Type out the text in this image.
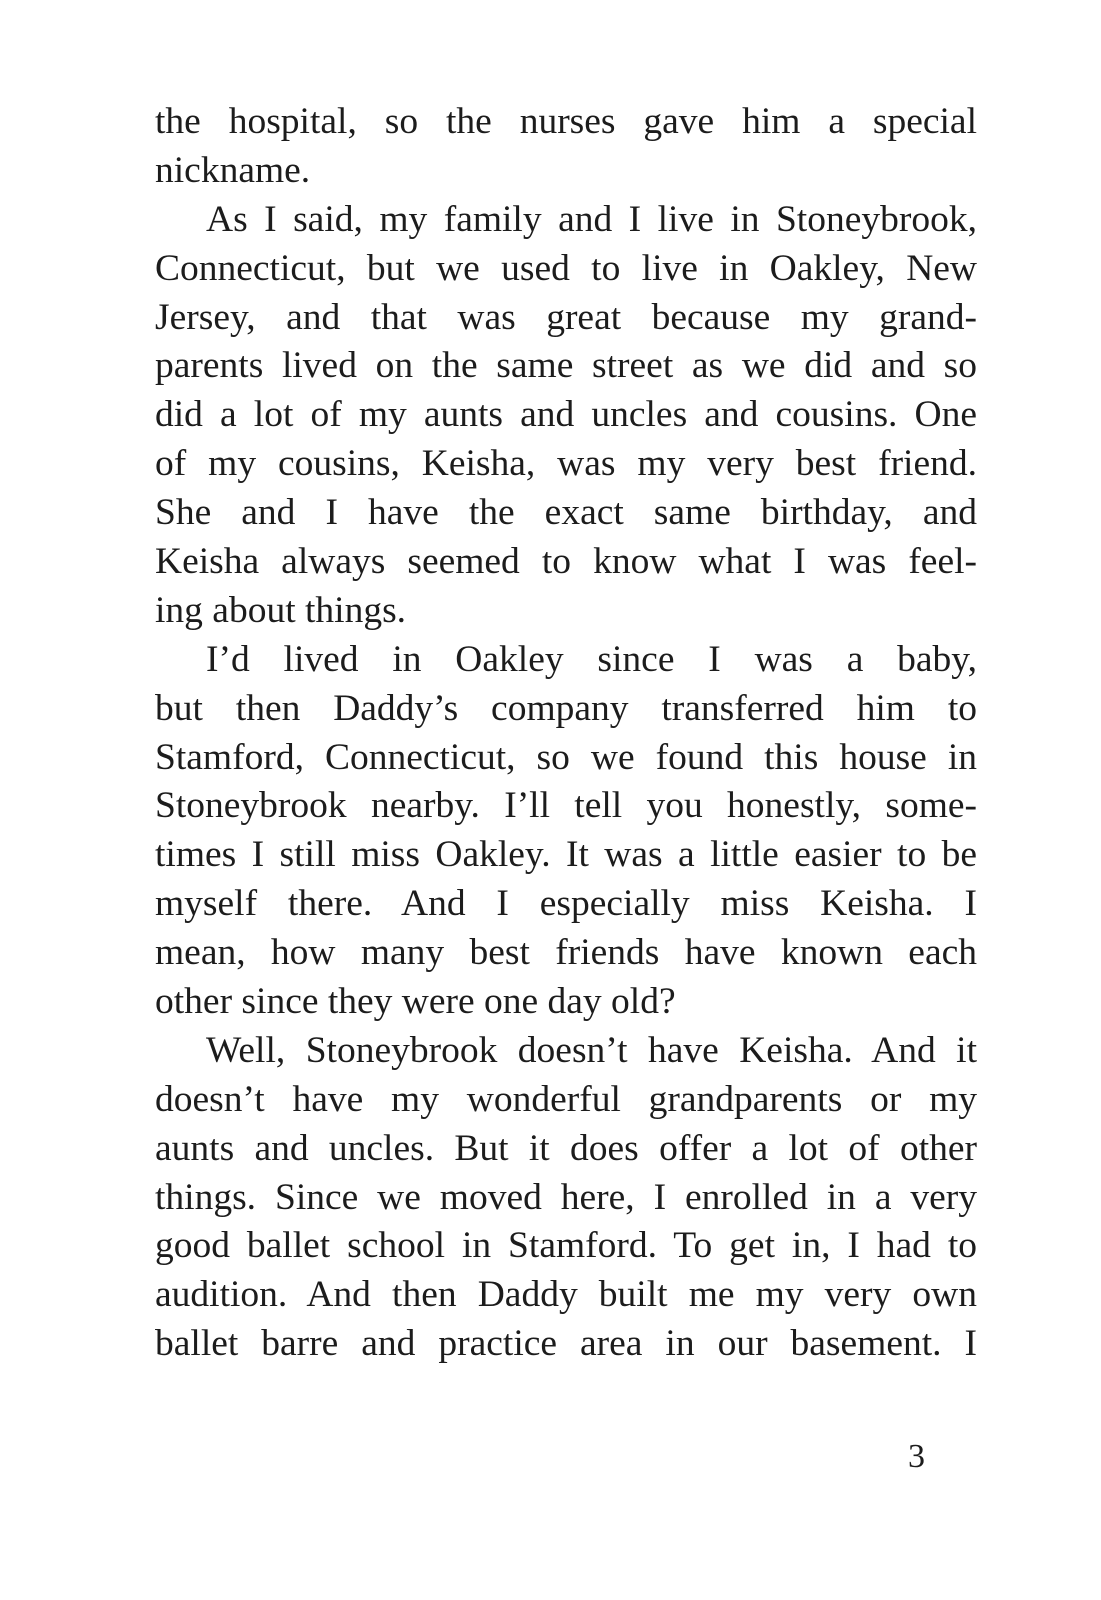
the hospital, so the nurses gave him a special
nickname.
As I said, my family and I live in Stoneybrook,
Connecticut, but we used to live in Oakley, New
Jersey, and that was great because my grand-
parents lived on the same street as we did and so
did a lot of my aunts and uncles and cousins. One
of my cousins, Keisha, was my very best friend.
She and I have the exact same birthday, and
Keisha always seemed to know what I was feel-
ing about things.
I’d lived in Oakley since I was a baby,
but then Daddy’s company transferred him to
Stamford, Connecticut, so we found this house in
Stoneybrook nearby. I’ll tell you honestly, some-
times I still miss Oakley. It was a little easier to be
myself there. And I especially miss Keisha. I
mean, how many best friends have known each
other since they were one day old?
Well, Stoneybrook doesn’t have Keisha. And it
doesn’t have my wonderful grandparents or my
aunts and uncles. But it does offer a lot of other
things. Since we moved here, I enrolled in a very
good ballet school in Stamford. To get in, I had to
audition. And then Daddy built me my very own
ballet barre and practice area in our basement. I
3
